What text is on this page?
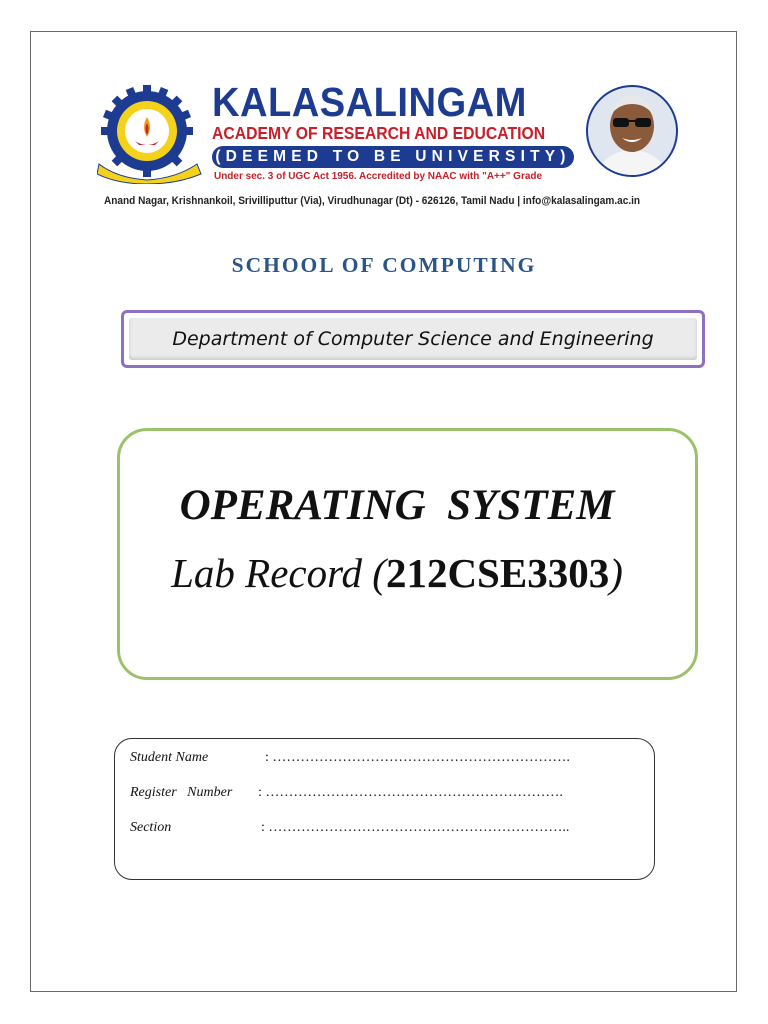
KALASALINGAM
ACADEMY OF RESEARCH AND EDUCATION
(DEEMED TO BE UNIVERSITY)
Under sec. 3 of UGC Act 1956. Accredited by NAAC with "A++" Grade
Anand Nagar, Krishnankoil, Srivilliputtur (Via), Virudhunagar (Dt) - 626126, Tamil Nadu | info@kalasalingam.ac.in
SCHOOL OF COMPUTING
Department of Computer Science and Engineering
OPERATING  SYSTEM
Lab Record (212CSE3303)
Student Name	: ……………………………………………………….
Register   Number : ……………………………………………………….
Section	: ………………………………………………………..
